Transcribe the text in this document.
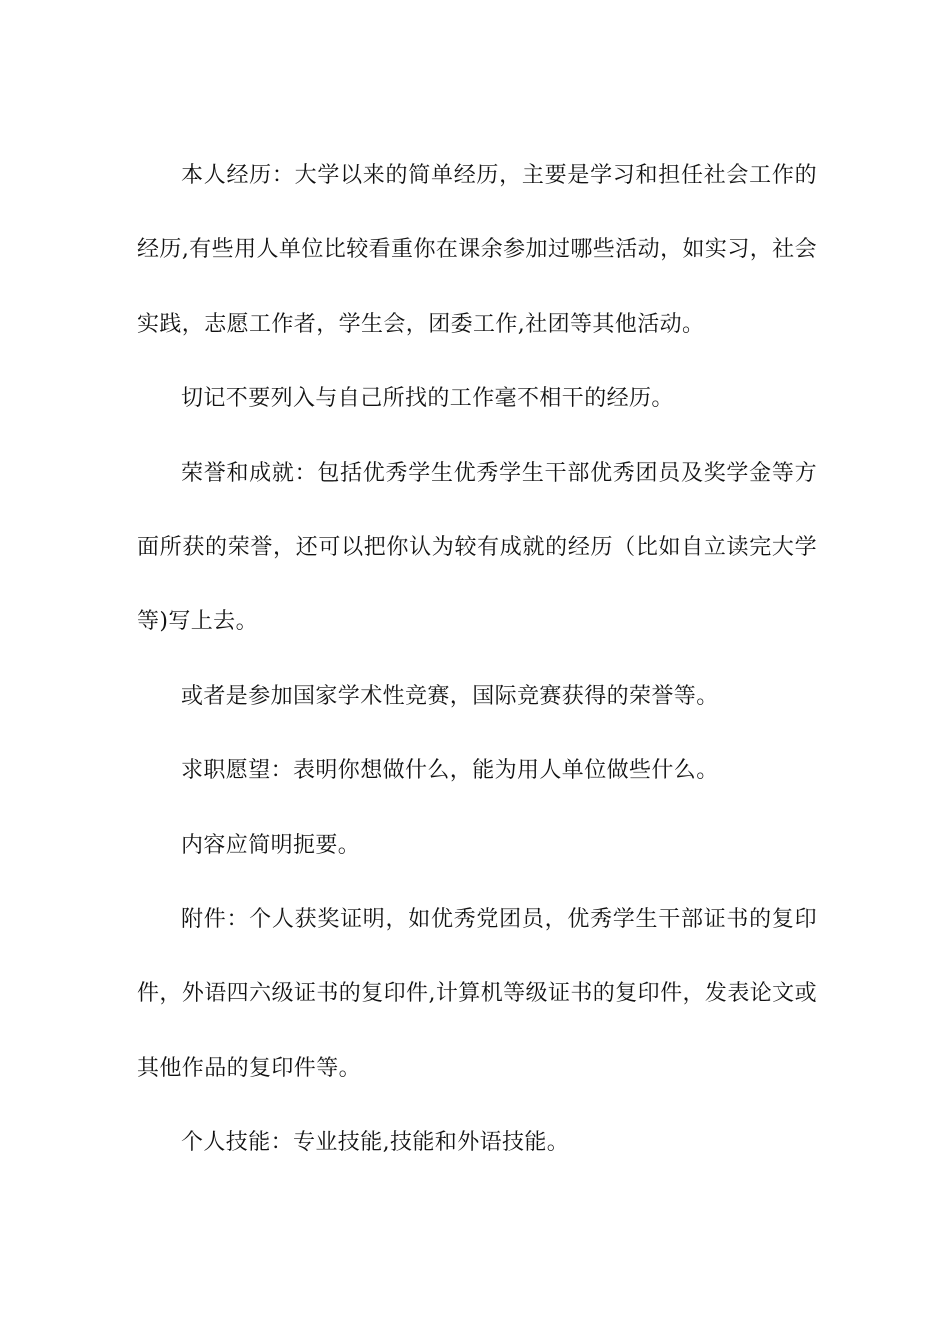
本人经历：大学以来的简单经历，主要是学习和担任社会工作的经历,有些用人单位比较看重你在课余参加过哪些活动，如实习，社会实践，志愿工作者，学生会，团委工作,社团等其他活动。

切记不要列入与自己所找的工作毫不相干的经历。

荣誉和成就：包括优秀学生优秀学生干部优秀团员及奖学金等方面所获的荣誉，还可以把你认为较有成就的经历（比如自立读完大学等)写上去。

或者是参加国家学术性竞赛，国际竞赛获得的荣誉等。

求职愿望：表明你想做什么，能为用人单位做些什么。

内容应简明扼要。

附件：个人获奖证明，如优秀党团员，优秀学生干部证书的复印件，外语四六级证书的复印件,计算机等级证书的复印件，发表论文或其他作品的复印件等。

个人技能：专业技能,技能和外语技能。
